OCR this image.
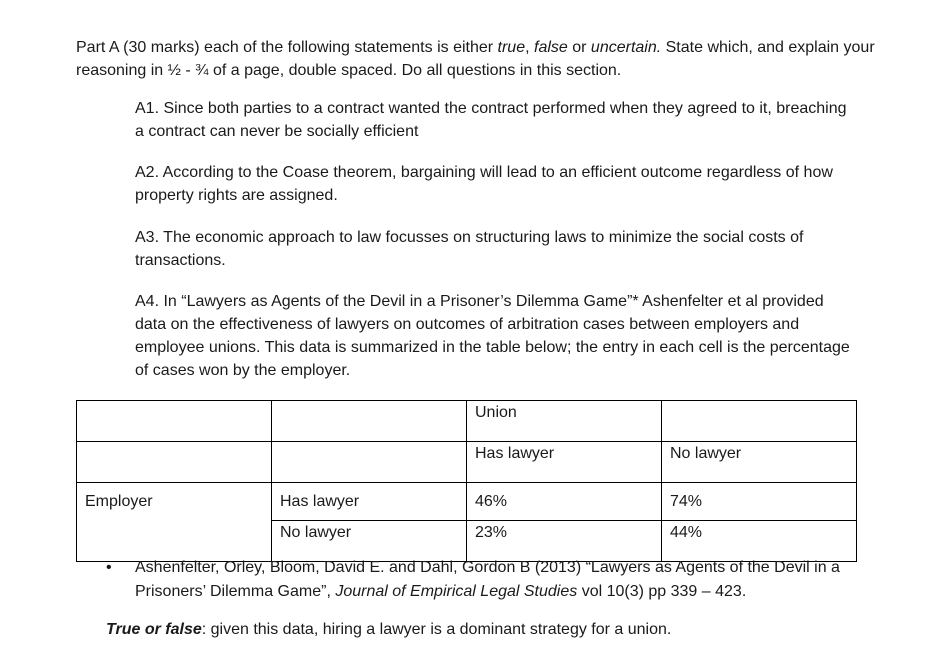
Part A (30 marks) each of the following statements is either true, false or uncertain. State which, and explain your reasoning in ½ - ¾ of a page, double spaced. Do all questions in this section.
A1. Since both parties to a contract wanted the contract performed when they agreed to it, breaching a contract can never be socially efficient
A2. According to the Coase theorem, bargaining will lead to an efficient outcome regardless of how property rights are assigned.
A3. The economic approach to law focusses on structuring laws to minimize the social costs of transactions.
A4. In “Lawyers as Agents of the Devil in a Prisoner’s Dilemma Game”* Ashenfelter et al provided data on the effectiveness of lawyers on outcomes of arbitration cases between employers and employee unions. This data is summarized in the table below; the entry in each cell is the percentage of cases won by the employer.
		Union	
		Has lawyer	No lawyer
Employer	Has lawyer	46%	74%
	No lawyer	23%	44%
• Ashenfelter, Orley, Bloom, David E. and Dahl, Gordon B (2013) “Lawyers as Agents of the Devil in a Prisoners’ Dilemma Game”, Journal of Empirical Legal Studies vol 10(3) pp 339 – 423.
True or false: given this data, hiring a lawyer is a dominant strategy for a union.
